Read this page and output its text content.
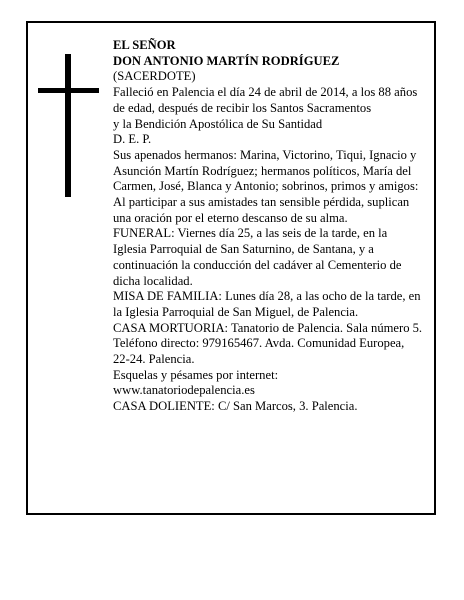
EL SEÑOR

DON ANTONIO MARTÍN RODRÍGUEZ

(SACERDOTE)

Falleció en Palencia el día 24 de abril de 2014, a los 88 años de edad, después de recibir los Santos Sacramentos

y la Bendición Apostólica de Su Santidad

D. E. P.

Sus apenados hermanos: Marina, Victorino, Tiqui, Ignacio y Asunción Martín Rodríguez; hermanos políticos, María del Carmen, José, Blanca y Antonio; sobrinos, primos y amigos:

Al participar a sus amistades tan sensible pérdida, suplican una oración por el eterno descanso de su alma.

FUNERAL: Viernes día 25, a las seis de la tarde, en la Iglesia Parroquial de San Saturnino, de Santana, y a continuación la conducción del cadáver al Cementerio de dicha localidad.

MISA DE FAMILIA: Lunes día 28, a las ocho de la tarde, en la Iglesia Parroquial de San Miguel, de Palencia.

CASA MORTUORIA: Tanatorio de Palencia. Sala número 5. Teléfono directo: 979165467. Avda. Comunidad Europea, 22-24. Palencia.

Esquelas y pésames por internet:

www.tanatoriodepalencia.es

CASA DOLIENTE: C/ San Marcos, 3. Palencia.
